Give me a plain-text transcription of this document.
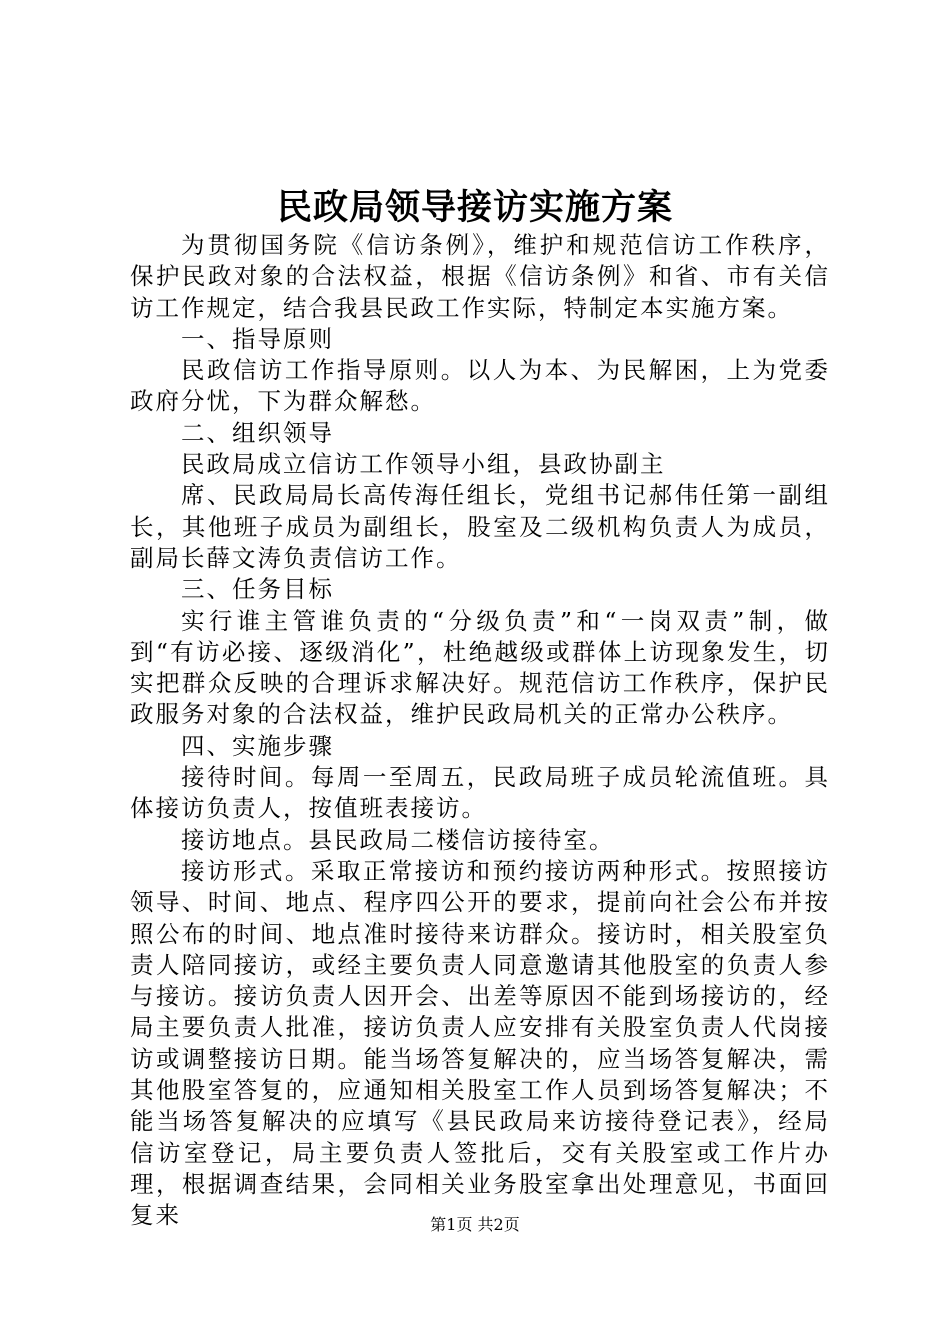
民政局领导接访实施方案

为贯彻国务院《信访条例》，维护和规范信访工作秩序，保护民政对象的合法权益，根据《信访条例》和省、市有关信访工作规定，结合我县民政工作实际，特制定本实施方案。

一、指导原则

民政信访工作指导原则。以人为本、为民解困，上为党委政府分忧，下为群众解愁。

二、组织领导

民政局成立信访工作领导小组，县政协副主

席、民政局局长高传海任组长，党组书记郝伟任第一副组长，其他班子成员为副组长，股室及二级机构负责人为成员，副局长薛文涛负责信访工作。

三、任务目标

实行谁主管谁负责的“分级负责”和“一岗双责”制，做到“有访必接、逐级消化”，杜绝越级或群体上访现象发生，切实把群众反映的合理诉求解决好。规范信访工作秩序，保护民政服务对象的合法权益，维护民政局机关的正常办公秩序。

四、实施步骤

接待时间。每周一至周五，民政局班子成员轮流值班。具体接访负责人，按值班表接访。

接访地点。县民政局二楼信访接待室。

接访形式。采取正常接访和预约接访两种形式。按照接访领导、时间、地点、程序四公开的要求，提前向社会公布并按照公布的时间、地点准时接待来访群众。接访时，相关股室负责人陪同接访，或经主要负责人同意邀请其他股室的负责人参与接访。接访负责人因开会、出差等原因不能到场接访的，经局主要负责人批准，接访负责人应安排有关股室负责人代岗接访或调整接访日期。能当场答复解决的，应当场答复解决，需其他股室答复的，应通知相关股室工作人员到场答复解决；不能当场答复解决的应填写《县民政局来访接待登记表》，经局信访室登记，局主要负责人签批后，交有关股室或工作片办理，根据调查结果，会同相关业务股室拿出处理意见，书面回复来	第1页 共2页
